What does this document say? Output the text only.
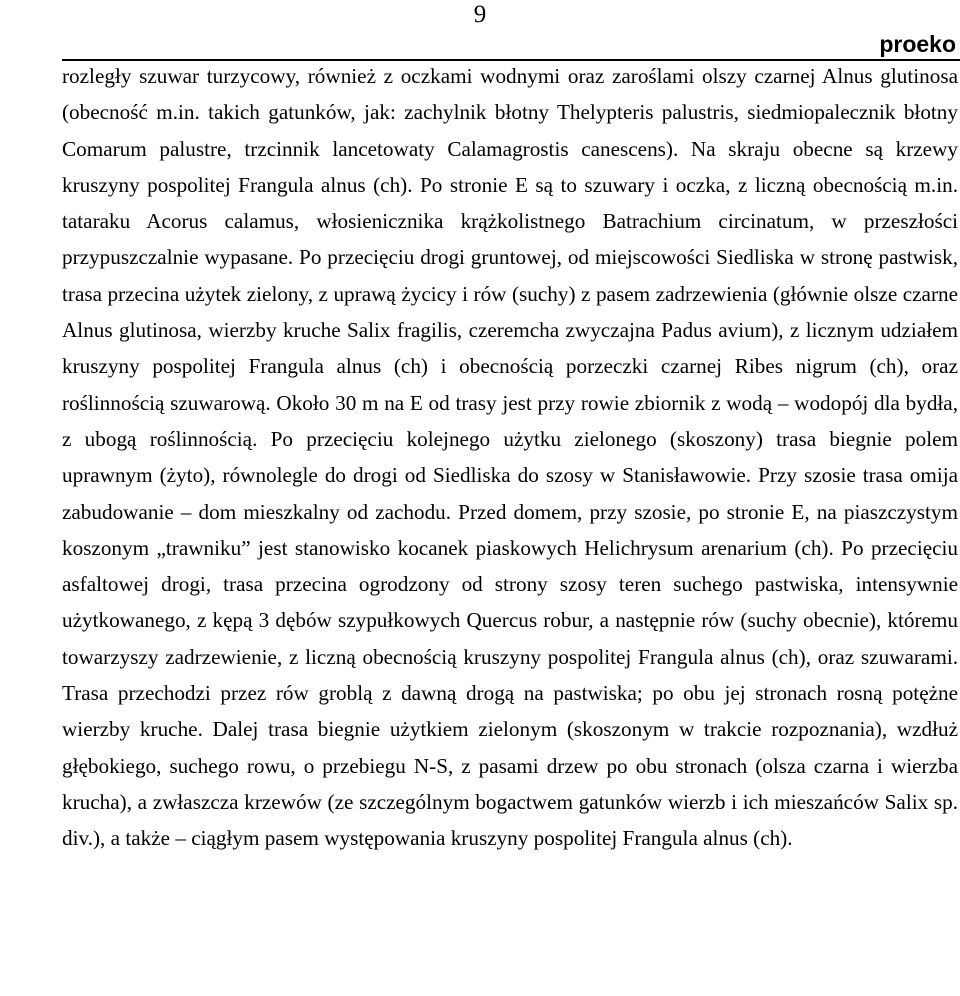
9
proeko

rozległy szuwar turzycowy, również z oczkami wodnymi oraz zaroślami olszy czarnej Alnus glutinosa (obecność m.in. takich gatunków, jak: zachylnik błotny Thelypteris palustris, siedmiopalecznik błotny Comarum palustre, trzcinnik lancetowaty Calamagrostis canescens). Na skraju obecne są krzewy kruszyny pospolitej Frangula alnus (ch). Po stronie E są to szuwary i oczka, z liczną obecnością m.in. tataraku Acorus calamus, włosienicznika krążkolistnego Batrachium circinatum, w przeszłości przypuszczalnie wypasane. Po przecięciu drogi gruntowej, od miejscowości Siedliska w stronę pastwisk, trasa przecina użytek zielony, z uprawą życicy i rów (suchy) z pasem zadrzewienia (głównie olsze czarne Alnus glutinosa, wierzby kruche Salix fragilis, czeremcha zwyczajna Padus avium), z licznym udziałem kruszyny pospolitej Frangula alnus (ch) i obecnością porzeczki czarnej Ribes nigrum (ch), oraz roślinnością szuwarową. Około 30 m na E od trasy jest przy rowie zbiornik z wodą – wodopój dla bydła, z ubogą roślinnością. Po przecięciu kolejnego użytku zielonego (skoszony) trasa biegnie polem uprawnym (żyto), równolegle do drogi od Siedliska do szosy w Stanisławowie. Przy szosie trasa omija zabudowanie – dom mieszkalny od zachodu. Przed domem, przy szosie, po stronie E, na piaszczystym koszonym „trawniku” jest stanowisko kocanek piaskowych Helichrysum arenarium (ch). Po przecięciu asfaltowej drogi, trasa przecina ogrodzony od strony szosy teren suchego pastwiska, intensywnie użytkowanego, z kępą 3 dębów szypułkowych Quercus robur, a następnie rów (suchy obecnie), któremu towarzyszy zadrzewienie, z liczną obecnością kruszyny pospolitej Frangula alnus (ch), oraz szuwarami. Trasa przechodzi przez rów groblą z dawną drogą na pastwiska; po obu jej stronach rosną potężne wierzby kruche. Dalej trasa biegnie użytkiem zielonym (skoszonym w trakcie rozpoznania), wzdłuż głębokiego, suchego rowu, o przebiegu N-S, z pasami drzew po obu stronach (olsza czarna i wierzba krucha), a zwłaszcza krzewów (ze szczególnym bogactwem gatunków wierzb i ich mieszańców Salix sp. div.), a także – ciągłym pasem występowania kruszyny pospolitej Frangula alnus (ch).
